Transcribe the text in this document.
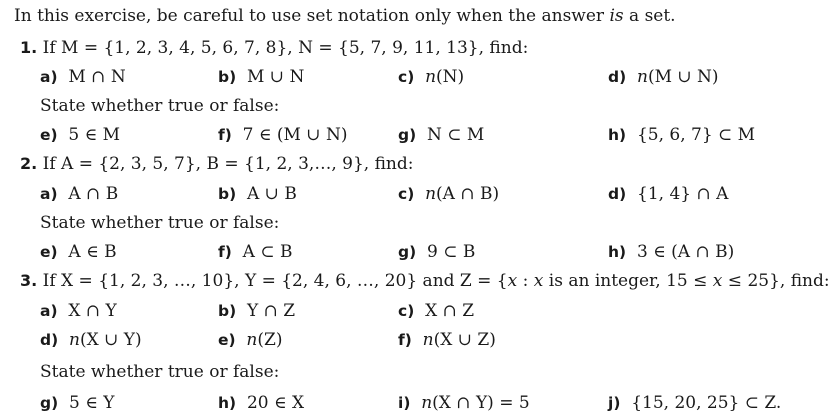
In this exercise, be careful to use set notation only when the answer is a set.
1. If M = {1, 2, 3, 4, 5, 6, 7, 8}, N = {5, 7, 9, 11, 13}, find:
a) M ∩ N	b) M ∪ N	c) n(N)	d) n(M ∪ N)
State whether true or false:
e) 5 ∈ M	f) 7 ∈ (M ∪ N)	g) N ⊂ M	h) {5, 6, 7} ⊂ M
2. If A = {2, 3, 5, 7}, B = {1, 2, 3,…, 9}, find:
a) A ∩ B	b) A ∪ B	c) n(A ∩ B)	d) {1, 4} ∩ A
State whether true or false:
e) A ∈ B	f) A ⊂ B	g) 9 ⊂ B	h) 3 ∈ (A ∩ B)
3. If X = {1, 2, 3, …, 10}, Y = {2, 4, 6, …, 20} and Z = {x : x is an integer, 15 ≤ x ≤ 25}, find:
a) X ∩ Y	b) Y ∩ Z	c) X ∩ Z
d) n(X ∪ Y)	e) n(Z)	f) n(X ∪ Z)
State whether true or false:
g) 5 ∈ Y	h) 20 ∈ X	i) n(X ∩ Y) = 5	j) {15, 20, 25} ⊂ Z.
